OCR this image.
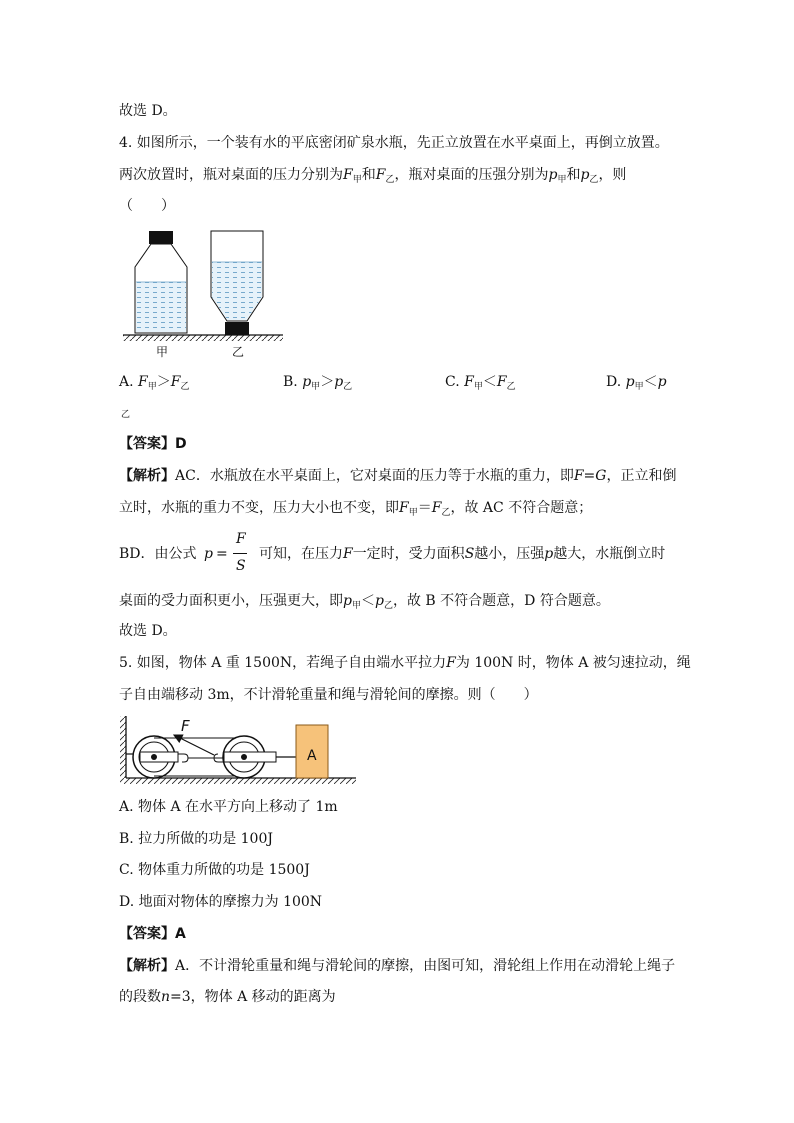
故选 D。
4. 如图所示，一个装有水的平底密闭矿泉水瓶，先正立放置在水平桌面上，再倒立放置。
两次放置时，瓶对桌面的压力分别为$F_甲$和$F_乙$，瓶对桌面的压强分别为$p_甲$和$p_乙$，则
（　　）
甲	乙
A. $F_甲>F_乙$	B. $p_甲>p_乙$	C. $F_甲<F_乙$	D. $p_甲<p$
乙
【答案】D
【解析】AC．水瓶放在水平桌面上，它对桌面的压力等于水瓶的重力，即F=G，正立和倒
立时，水瓶的重力不变，压力大小也不变，即$F_甲=F_乙$，故 AC 不符合题意；
BD．由公式 p =
F
S
可知，在压力F一定时，受力面积S越小，压强p越大，水瓶倒立时
桌面的受力面积更小，压强更大，即$p_甲<p_乙$，故 B 不符合题意，D 符合题意。
故选 D。
5. 如图，物体 A 重 1500N，若绳子自由端水平拉力F为 100N 时，物体 A 被匀速拉动，绳
子自由端移动 3m，不计滑轮重量和绳与滑轮间的摩擦。则（　　）
F
A
A. 物体 A 在水平方向上移动了 1m
B. 拉力所做的功是 100J
C. 物体重力所做的功是 1500J
D. 地面对物体的摩擦力为 100N
【答案】A
【解析】A．不计滑轮重量和绳与滑轮间的摩擦，由图可知，滑轮组上作用在动滑轮上绳子
的段数n=3，物体 A 移动的距离为
